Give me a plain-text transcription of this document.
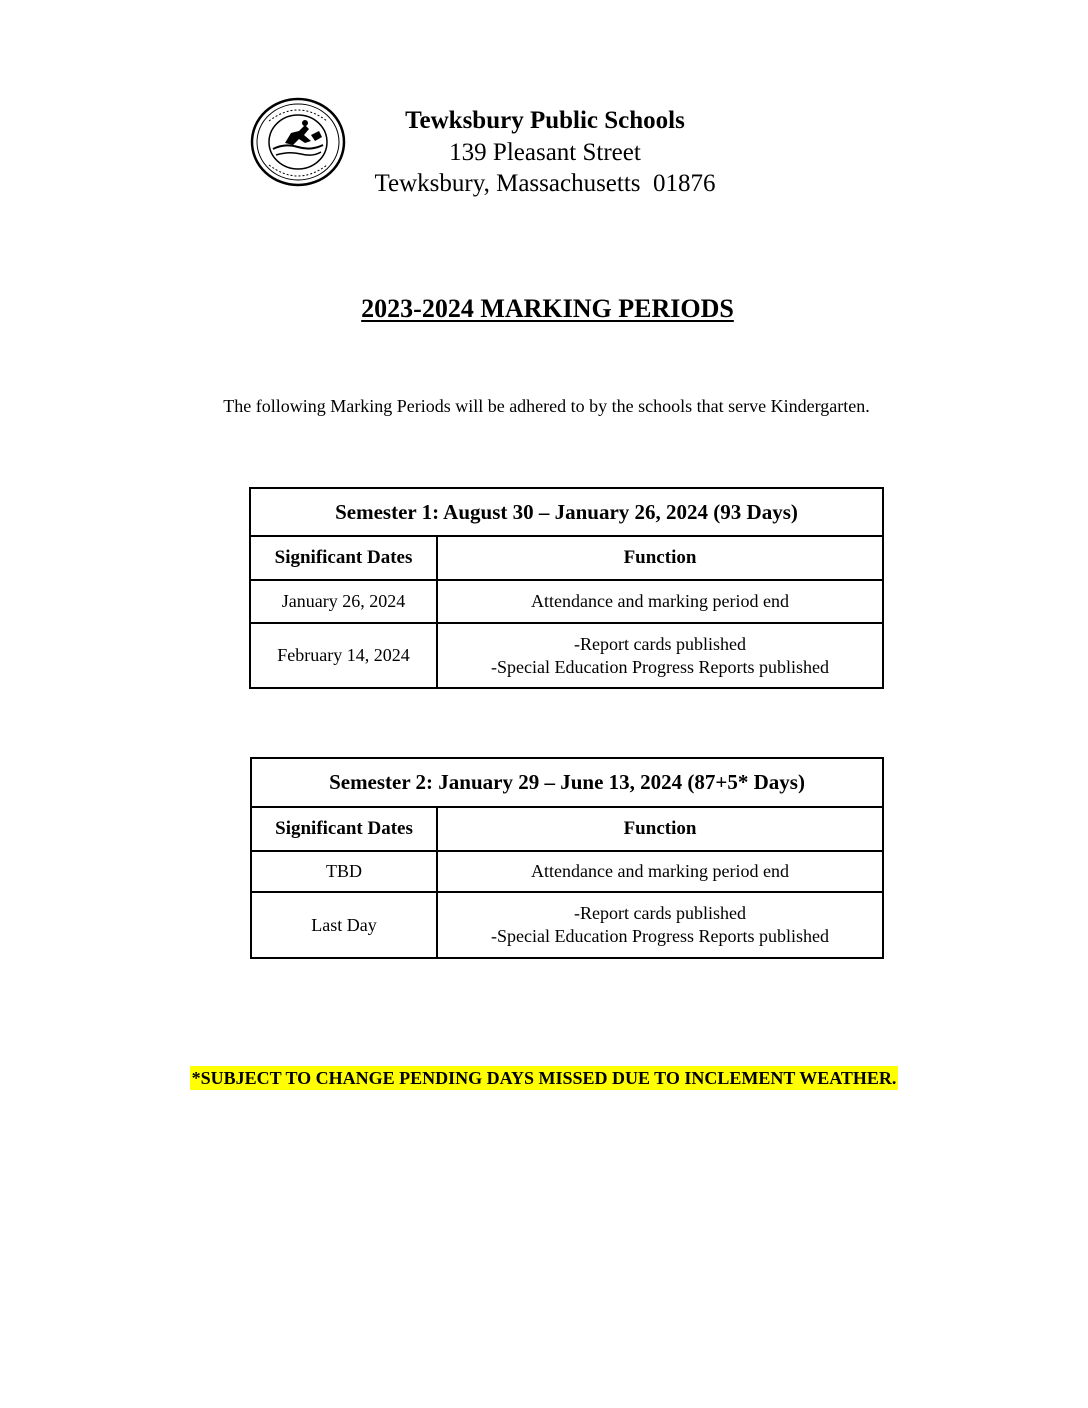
Tewksbury Public Schools
139 Pleasant Street
Tewksbury, Massachusetts  01876
2023-2024 MARKING PERIODS
The following Marking Periods will be adhered to by the schools that serve Kindergarten.
Semester 1: August 30 – January 26, 2024 (93 Days)	
Significant Dates	Function
January 26, 2024	Attendance and marking period end

February 14, 2024	-Report cards published
-Special Education Progress Reports published
Semester 2: January 29 – June 13, 2024 (87+5* Days)	
Significant Dates	Function
TBD	Attendance and marking period end

Last Day	-Report cards published
-Special Education Progress Reports published
*SUBJECT TO CHANGE PENDING DAYS MISSED DUE TO INCLEMENT WEATHER.
